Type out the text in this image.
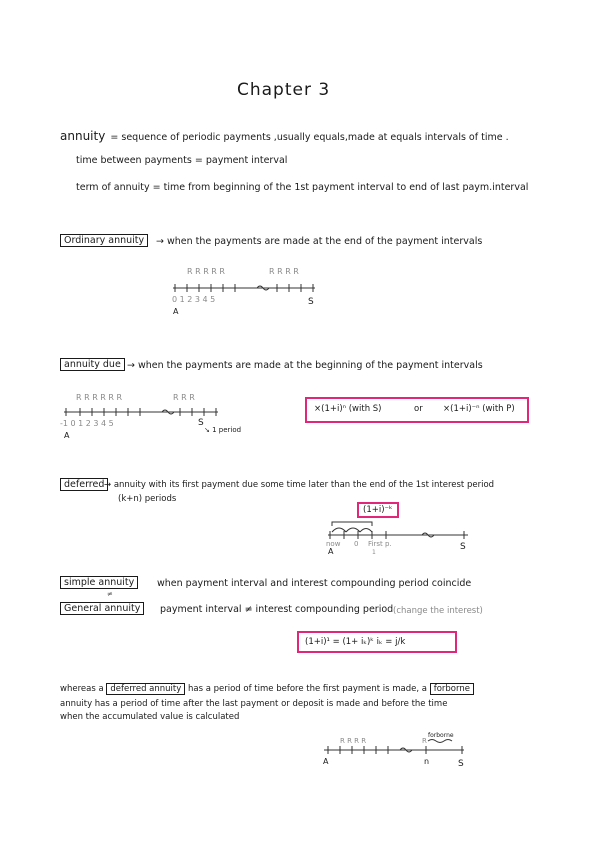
Chapter 3
annuity = sequence of periodic payments ,usually equals,made at equals intervals of time .
time between payments = payment interval
term of annuity = time from beginning of the 1st payment interval to end of last paym.interval
Ordinary annuity	→ when the payments are made at the end of the payment intervals
R R R R R	R R R R
0 1 2 3 4 5
A
S
annuity due → when the payments are made at the beginning of the payment intervals
R R R R R R	R R R
-1 0 1 2 3 4 5
A
S
↘ 1 period
×(1+i)ⁿ (with S)	or ×(1+i)⁻ⁿ (with P)
deferred → annuity with its first payment due some time later than the end of the 1st interest period
(k+n) periods
(1+i)⁻ᵏ
now 0 First p.
1
A	S
simple annuity
≠
when payment interval and interest compounding period coincide
General annuity	payment interval ≠ interest compounding period (change the interest)
(1+i)¹ = (1+ iₖ)ᵏ iₖ = j/k
whereas a deferred annuity has a period of time before the first payment is made, a forborne
annuity has a period of time after the last payment or deposit is made and before the time
when the accumulated value is calculated
forborne
R R R R	R
A	n	S
